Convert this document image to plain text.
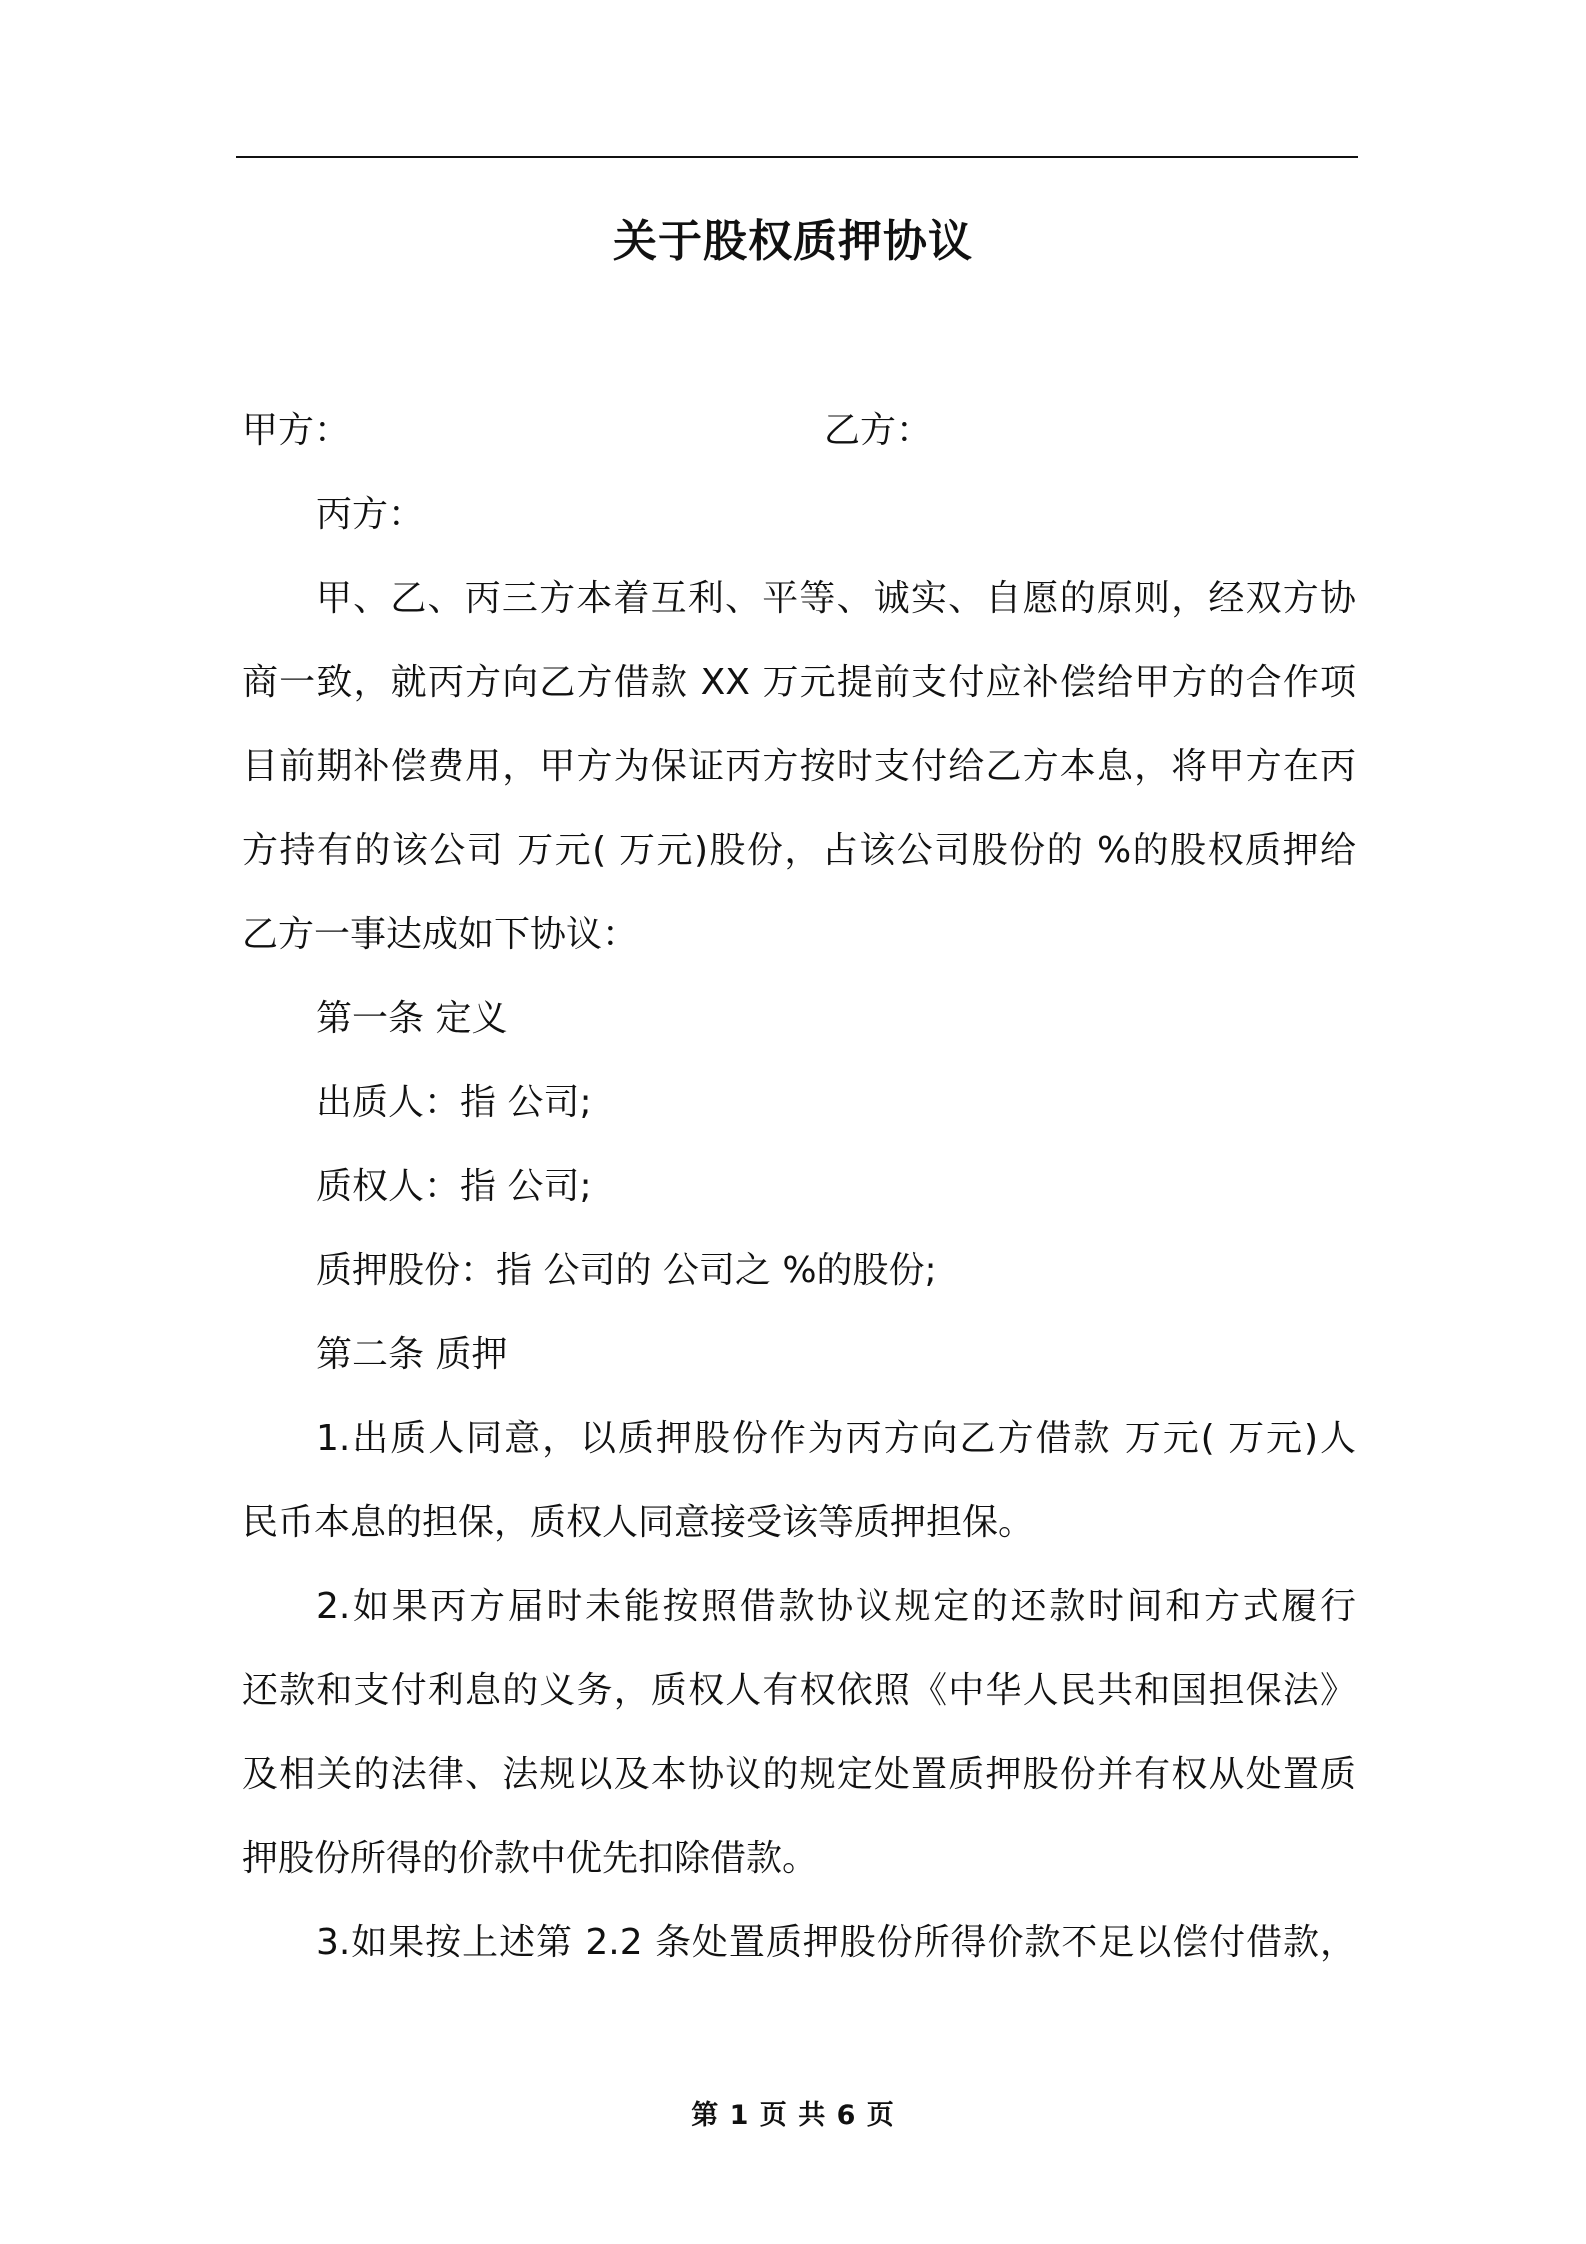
关于股权质押协议
甲方：	乙方：
丙方：
甲、乙、丙三方本着互利、平等、诚实、自愿的原则，经双方协
商一致，就丙方向乙方借款 XX 万元提前支付应补偿给甲方的合作项
目前期补偿费用，甲方为保证丙方按时支付给乙方本息，将甲方在丙
方持有的该公司 万元( 万元)股份，占该公司股份的 %的股权质押给
乙方一事达成如下协议：
第一条 定义
出质人：指 公司;
质权人：指 公司;
质押股份：指 公司的 公司之 %的股份;
第二条 质押
1.出质人同意，以质押股份作为丙方向乙方借款 万元( 万元)人
民币本息的担保，质权人同意接受该等质押担保。
2.如果丙方届时未能按照借款协议规定的还款时间和方式履行
还款和支付利息的义务，质权人有权依照《中华人民共和国担保法》
及相关的法律、法规以及本协议的规定处置质押股份并有权从处置质
押股份所得的价款中优先扣除借款。
3.如果按上述第 2.2 条处置质押股份所得价款不足以偿付借款，
第 1 页 共 6 页
